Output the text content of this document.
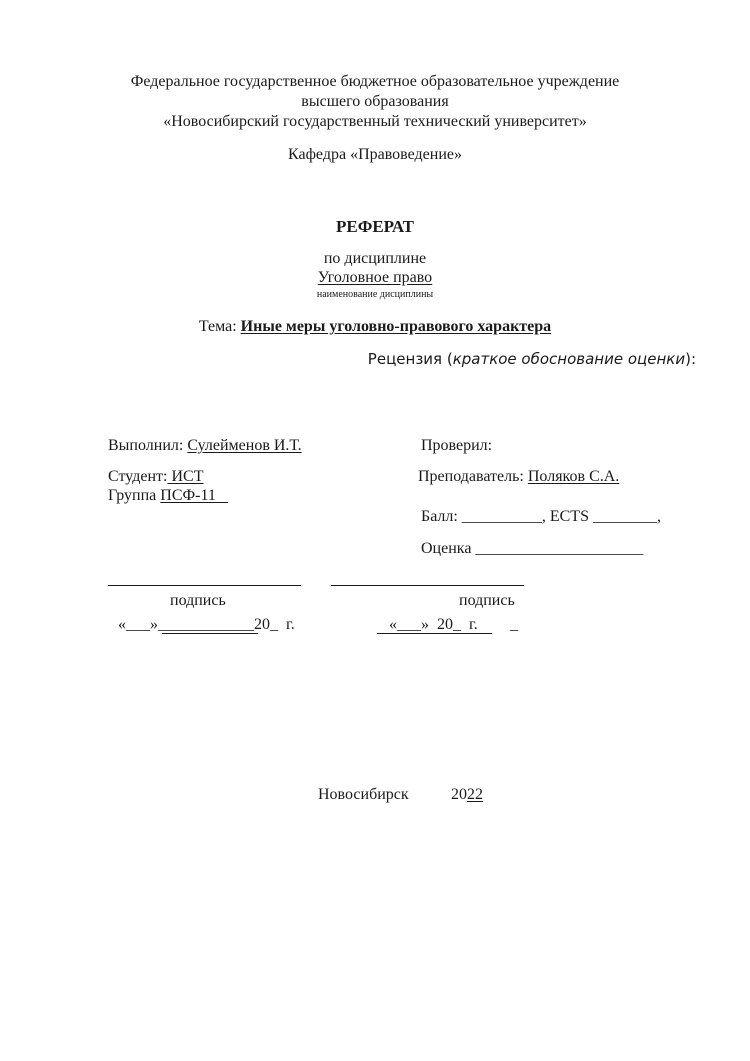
Федеральное государственное бюджетное образовательное учреждение
высшего образования
«Новосибирский государственный технический университет»
Кафедра «Правоведение»
РЕФЕРАТ
по дисциплине
Уголовное право
наименование дисциплины
Тема: Иные меры уголовно-правового характера
Рецензия (краткое обоснование оценки):
Выполнил: Сулейменов И.Т.
Студент: ИСТ
Группа ПСФ-11
Проверил:
Преподаватель: Поляков С.А.
Балл: __________, ECTS ________,
Оценка _____________________
подпись	подпись
«___»____________20_  г.	«___»  20_  г. _
Новосибирск	2022
